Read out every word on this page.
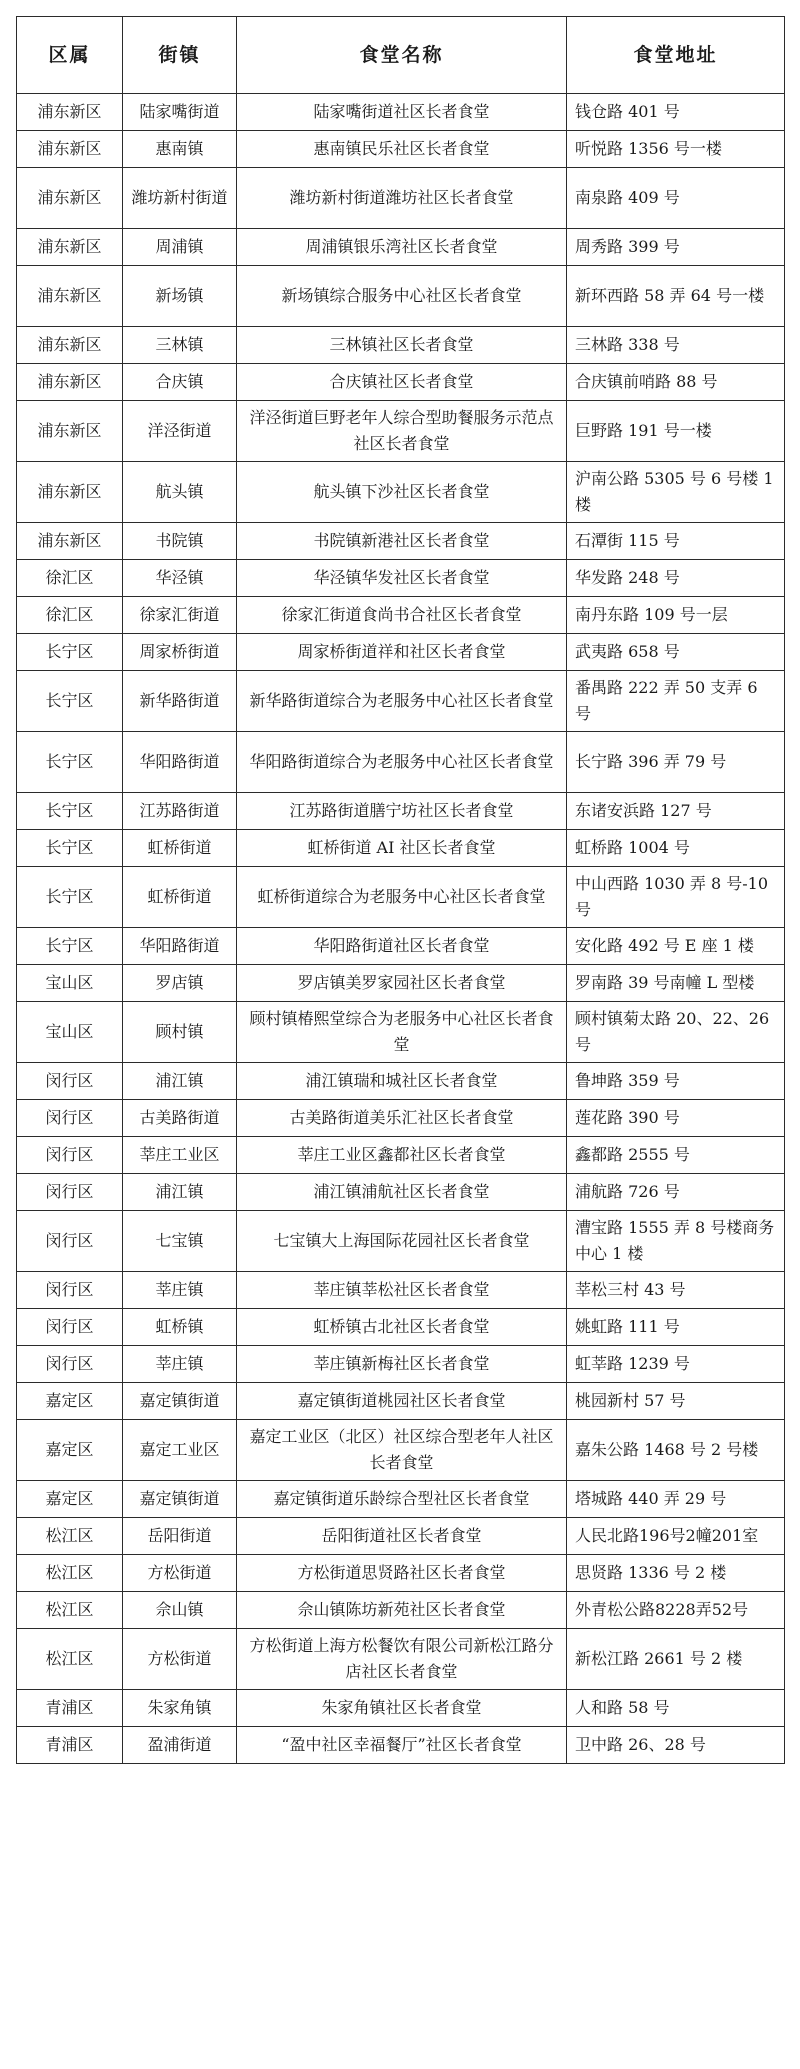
区属	街镇	食堂名称	食堂地址
浦东新区	陆家嘴街道	陆家嘴街道社区长者食堂	钱仓路 401 号
浦东新区	惠南镇	惠南镇民乐社区长者食堂	听悦路 1356 号一楼
浦东新区	潍坊新村街道	潍坊新村街道潍坊社区长者食堂	南泉路 409 号
浦东新区	周浦镇	周浦镇银乐湾社区长者食堂	周秀路 399 号
浦东新区	新场镇	新场镇综合服务中心社区长者食堂	新环西路 58 弄 64 号一楼
浦东新区	三林镇	三林镇社区长者食堂	三林路 338 号
浦东新区	合庆镇	合庆镇社区长者食堂	合庆镇前哨路 88 号
浦东新区	洋泾街道	洋泾街道巨野老年人综合型助餐服务示范点社区长者食堂	巨野路 191 号一楼
浦东新区	航头镇	航头镇下沙社区长者食堂	沪南公路 5305 号 6 号楼 1 楼
浦东新区	书院镇	书院镇新港社区长者食堂	石潭街 115 号
徐汇区	华泾镇	华泾镇华发社区长者食堂	华发路 248 号
徐汇区	徐家汇街道	徐家汇街道食尚书合社区长者食堂	南丹东路 109 号一层
长宁区	周家桥街道	周家桥街道祥和社区长者食堂	武夷路 658 号
长宁区	新华路街道	新华路街道综合为老服务中心社区长者食堂	番禺路 222 弄 50 支弄 6 号
长宁区	华阳路街道	华阳路街道综合为老服务中心社区长者食堂	长宁路 396 弄 79 号
长宁区	江苏路街道	江苏路街道膳宁坊社区长者食堂	东诸安浜路 127 号
长宁区	虹桥街道	虹桥街道 AI 社区长者食堂	虹桥路 1004 号
长宁区	虹桥街道	虹桥街道综合为老服务中心社区长者食堂	中山西路 1030 弄 8 号-10 号
长宁区	华阳路街道	华阳路街道社区长者食堂	安化路 492 号 E 座 1 楼
宝山区	罗店镇	罗店镇美罗家园社区长者食堂	罗南路 39 号南幢 L 型楼
宝山区	顾村镇	顾村镇椿熙堂综合为老服务中心社区长者食堂	顾村镇菊太路 20、22、26 号
闵行区	浦江镇	浦江镇瑞和城社区长者食堂	鲁坤路 359 号
闵行区	古美路街道	古美路街道美乐汇社区长者食堂	莲花路 390 号
闵行区	莘庄工业区	莘庄工业区鑫都社区长者食堂	鑫都路 2555 号
闵行区	浦江镇	浦江镇浦航社区长者食堂	浦航路 726 号
闵行区	七宝镇	七宝镇大上海国际花园社区长者食堂	漕宝路 1555 弄 8 号楼商务中心 1 楼
闵行区	莘庄镇	莘庄镇莘松社区长者食堂	莘松三村 43 号
闵行区	虹桥镇	虹桥镇古北社区长者食堂	姚虹路 111 号
闵行区	莘庄镇	莘庄镇新梅社区长者食堂	虹莘路 1239 号
嘉定区	嘉定镇街道	嘉定镇街道桃园社区长者食堂	桃园新村 57 号
嘉定区	嘉定工业区	嘉定工业区（北区）社区综合型老年人社区长者食堂	嘉朱公路 1468 号 2 号楼
嘉定区	嘉定镇街道	嘉定镇街道乐龄综合型社区长者食堂	塔城路 440 弄 29 号
松江区	岳阳街道	岳阳街道社区长者食堂	人民北路196号2幢201室
松江区	方松街道	方松街道思贤路社区长者食堂	思贤路 1336 号 2 楼
松江区	佘山镇	佘山镇陈坊新苑社区长者食堂	外青松公路8228弄52号
松江区	方松街道	方松街道上海方松餐饮有限公司新松江路分店社区长者食堂	新松江路 2661 号 2 楼
青浦区	朱家角镇	朱家角镇社区长者食堂	人和路 58 号
青浦区	盈浦街道	“盈中社区幸福餐厅”社区长者食堂	卫中路 26、28 号
